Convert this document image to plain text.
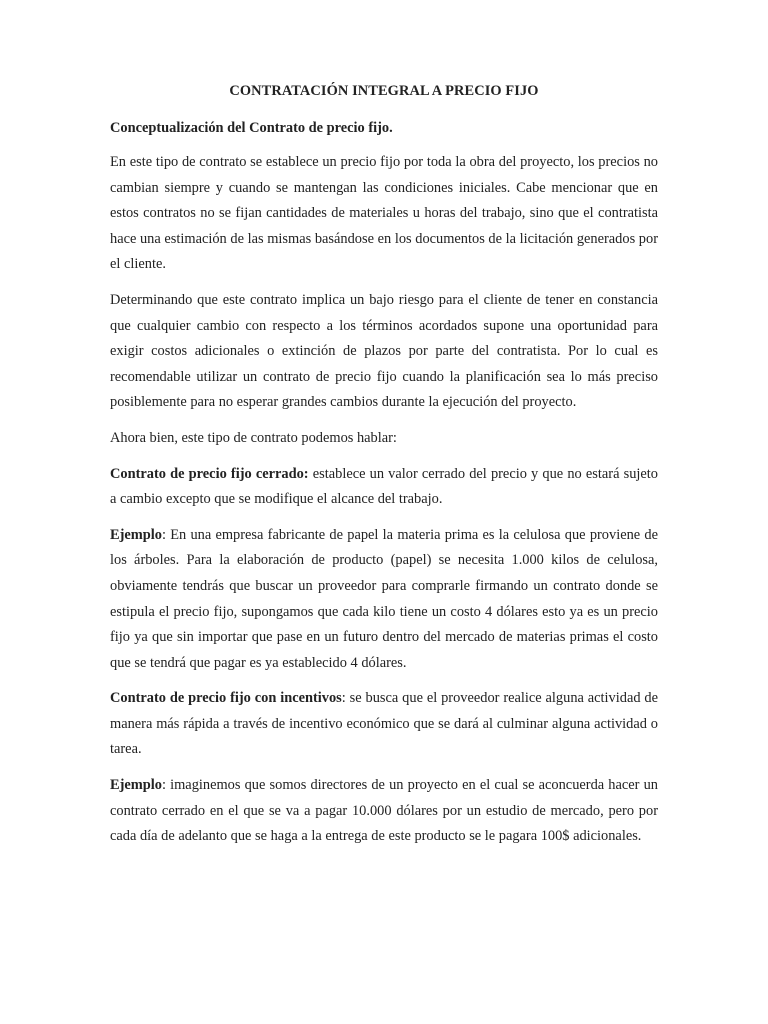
CONTRATACIÓN INTEGRAL A PRECIO FIJO
Conceptualización del Contrato de precio fijo.

En este tipo de contrato se establece un precio fijo por toda la obra del proyecto, los precios no cambian siempre y cuando se mantengan las condiciones iniciales. Cabe mencionar que en estos contratos no se fijan cantidades de materiales u horas del trabajo, sino que el contratista hace una estimación de las mismas basándose en los documentos de la licitación generados por el cliente.

Determinando que este contrato implica un bajo riesgo para el cliente de tener en constancia que cualquier cambio con respecto a los términos acordados supone una oportunidad para exigir costos adicionales o extinción de plazos por parte del contratista. Por lo cual es recomendable utilizar un contrato de precio fijo cuando la planificación sea lo más preciso posiblemente para no esperar grandes cambios durante la ejecución del proyecto.

Ahora bien, este tipo de contrato podemos hablar:

Contrato de precio fijo cerrado: establece un valor cerrado del precio y que no estará sujeto a cambio excepto que se modifique el alcance del trabajo.

Ejemplo: En una empresa fabricante de papel la materia prima es la celulosa que proviene de los árboles. Para la elaboración de producto (papel) se necesita 1.000 kilos de celulosa, obviamente tendrás que buscar un proveedor para comprarle firmando un contrato donde se estipula el precio fijo, supongamos que cada kilo tiene un costo 4 dólares esto ya es un precio fijo ya que sin importar que pase en un futuro dentro del mercado de materias primas el costo que se tendrá que pagar es ya establecido 4 dólares.

Contrato de precio fijo con incentivos: se busca que el proveedor realice alguna actividad de manera más rápida a través de incentivo económico que se dará al culminar alguna actividad o tarea.

Ejemplo: imaginemos que somos directores de un proyecto en el cual se aconcuerda hacer un contrato cerrado en el que se va a pagar 10.000 dólares por un estudio de mercado, pero por cada día de adelanto que se haga a la entrega de este producto se le pagara 100$ adicionales.
